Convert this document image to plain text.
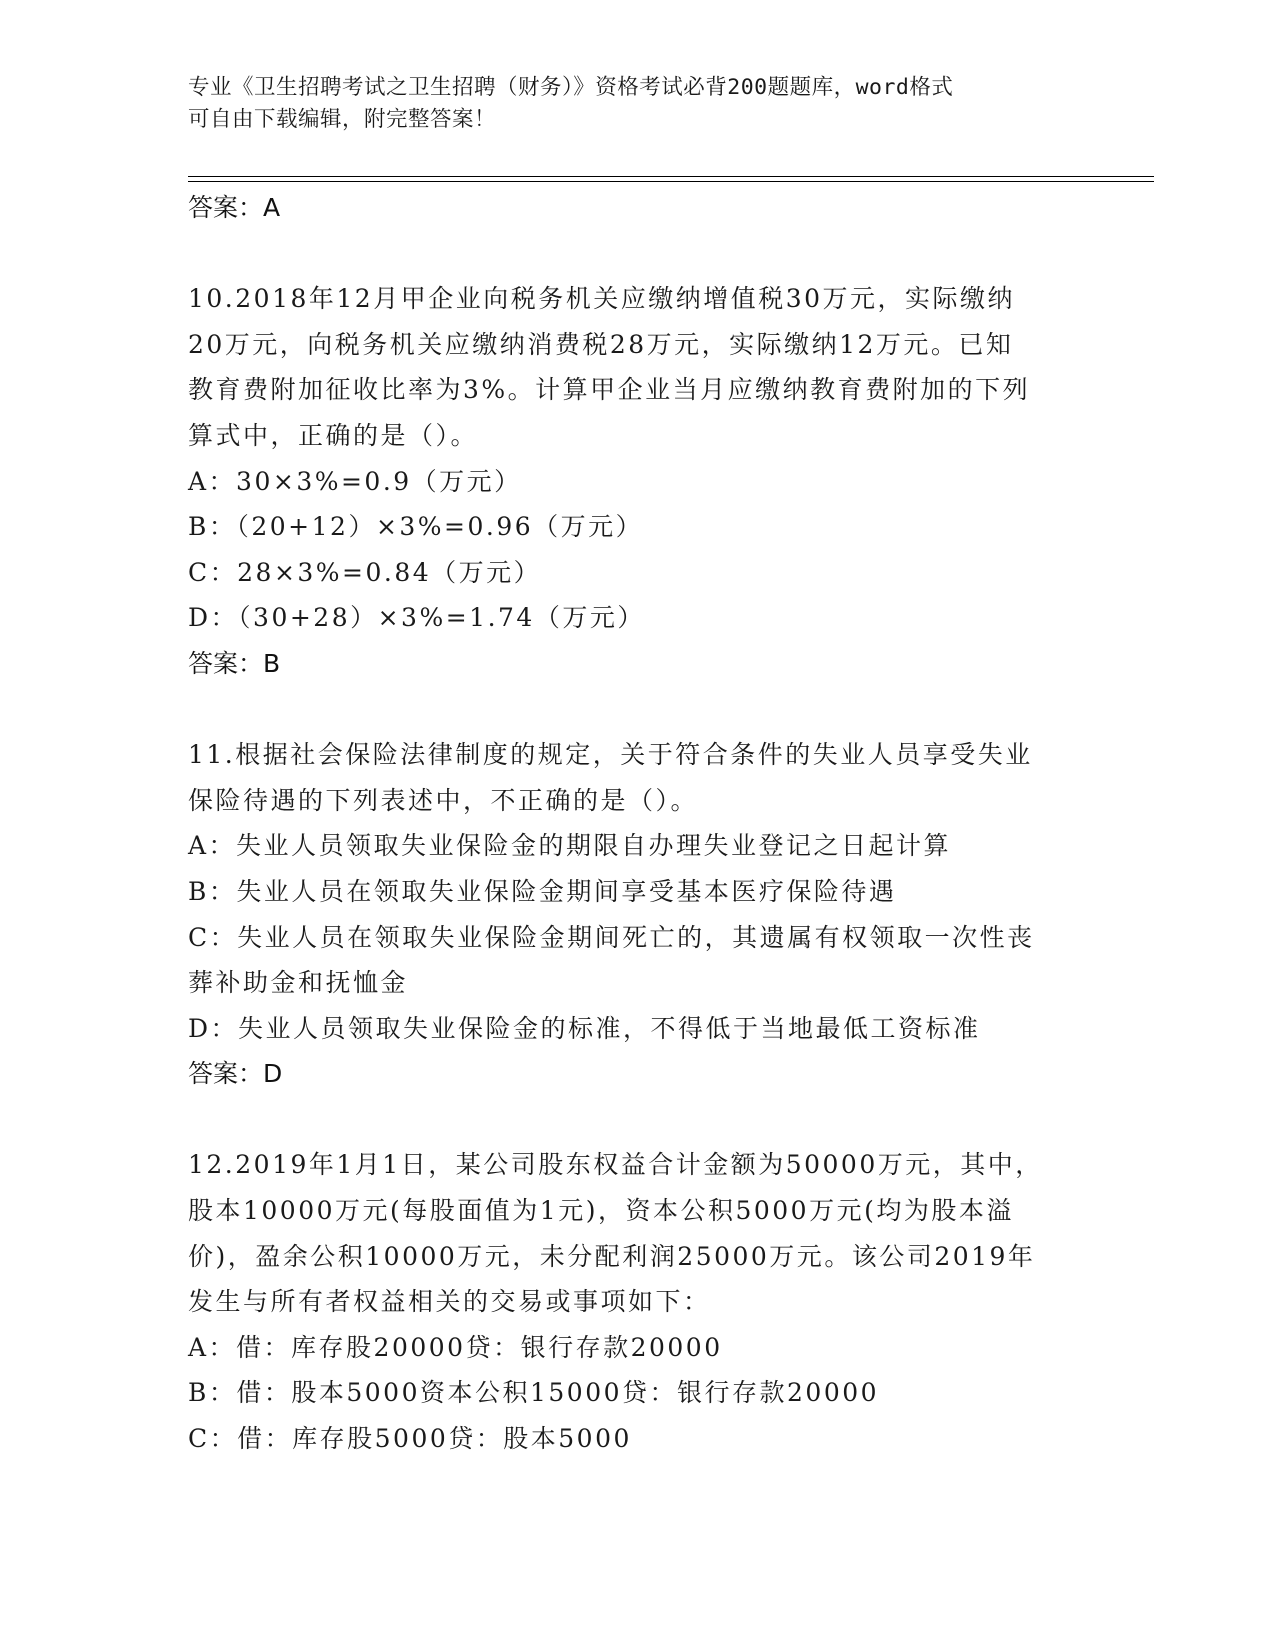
专业《卫生招聘考试之卫生招聘（财务）》资格考试必背200题题库，word格式
可自由下载编辑，附完整答案！
答案：A
10.2018年12月甲企业向税务机关应缴纳增值税30万元，实际缴纳
20万元，向税务机关应缴纳消费税28万元，实际缴纳12万元。已知
教育费附加征收比率为3%。计算甲企业当月应缴纳教育费附加的下列
算式中，正确的是（）。
A：30×3%=0.9（万元）
B：（20+12）×3%=0.96（万元）
C：28×3%=0.84（万元）
D：（30+28）×3%=1.74（万元）
答案：B
11.根据社会保险法律制度的规定，关于符合条件的失业人员享受失业
保险待遇的下列表述中，不正确的是（）。
A：失业人员领取失业保险金的期限自办理失业登记之日起计算
B：失业人员在领取失业保险金期间享受基本医疗保险待遇
C：失业人员在领取失业保险金期间死亡的，其遗属有权领取一次性丧
葬补助金和抚恤金
D：失业人员领取失业保险金的标准，不得低于当地最低工资标准
答案：D
12.2019年1月1日，某公司股东权益合计金额为50000万元，其中，
股本10000万元(每股面值为1元)，资本公积5000万元(均为股本溢
价)，盈余公积10000万元，未分配利润25000万元。该公司2019年
发生与所有者权益相关的交易或事项如下：
A：借：库存股20000贷：银行存款20000
B：借：股本5000资本公积15000贷：银行存款20000
C：借：库存股5000贷：股本5000
